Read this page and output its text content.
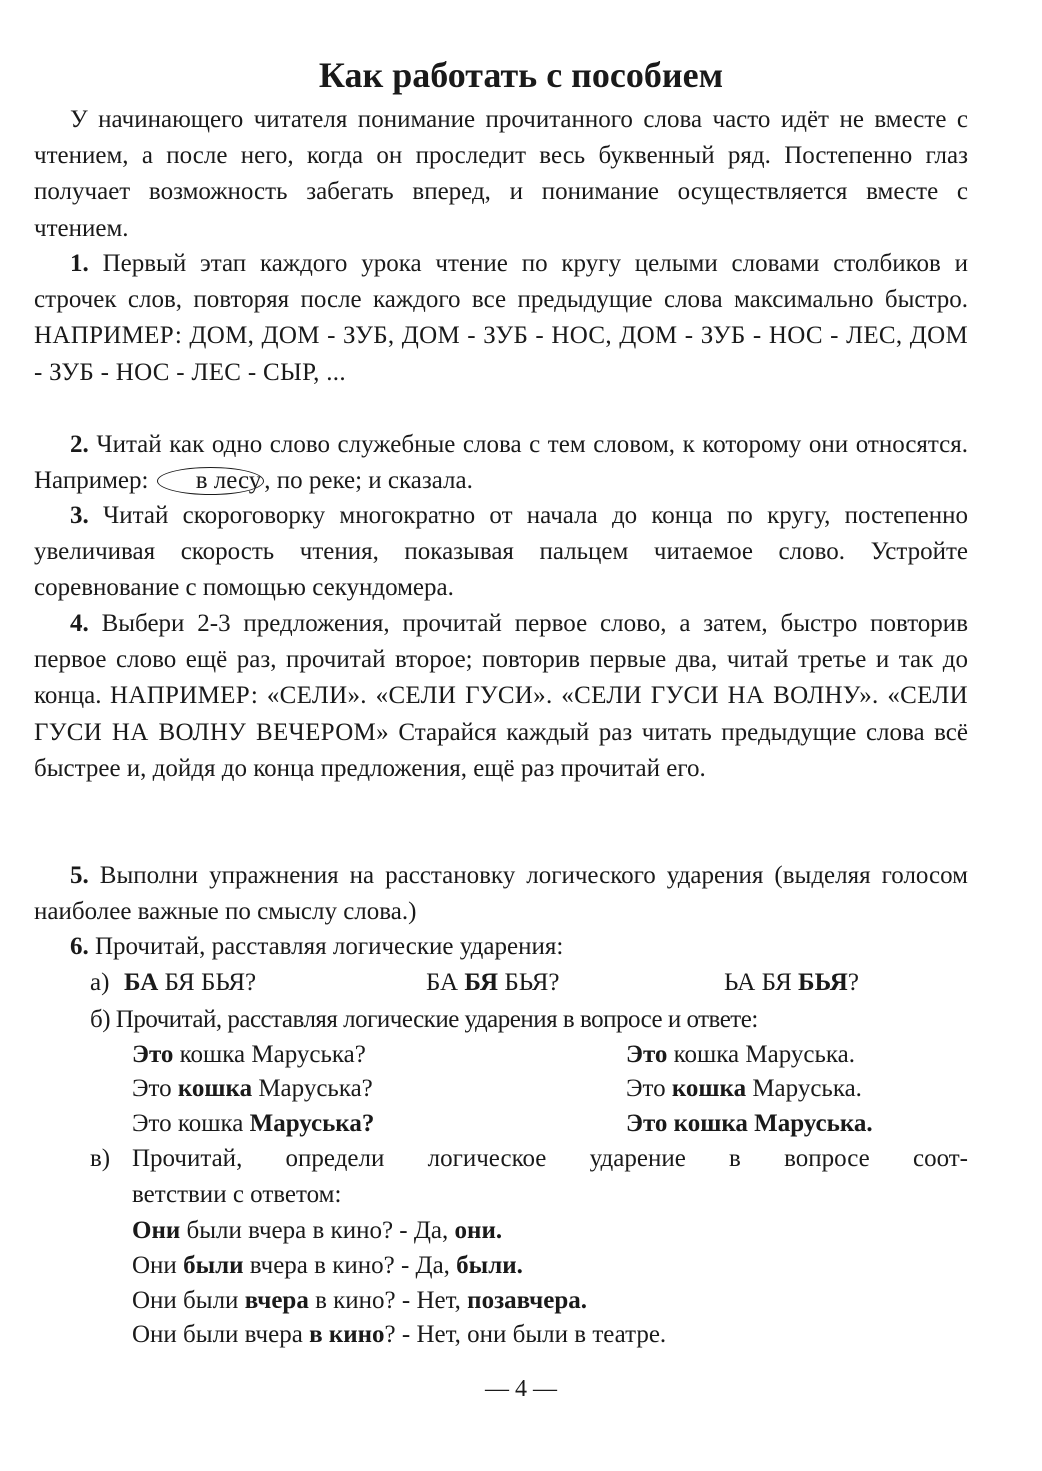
Как работать с пособием
У начинающего читателя понимание прочитанного слова часто идёт не вместе с чтением, а после него, когда он проследит весь буквенный ряд. Постепенно глаз получает возможность забегать вперед, и понимание осуществляется вместе с чтением.
1. Первый этап каждого урока чтение по кругу целыми словами столбиков и строчек слов, повторяя после каждого все предыдущие слова максимально быстро. НАПРИМЕР: ДОМ, ДОМ - ЗУБ, ДОМ - ЗУБ - НОС, ДОМ - ЗУБ - НОС - ЛЕС, ДОМ - ЗУБ - НОС - ЛЕС - СЫР, ...
2. Читай как одно слово служебные слова с тем словом, к которому они относятся. Например: в лесу , по реке; и сказала.
3. Читай скороговорку многократно от начала до конца по кругу, постепенно увеличивая скорость чтения, показывая пальцем читаемое слово. Устройте соревнование с помощью секундомера.
4. Выбери 2-3 предложения, прочитай первое слово, а затем, быстро повторив первое слово ещё раз, прочитай второе; повторив первые два, читай третье и так до конца. НАПРИМЕР: «СЕЛИ». «СЕЛИ ГУСИ». «СЕЛИ ГУСИ НА ВОЛНУ». «СЕЛИ ГУСИ НА ВОЛНУ ВЕЧЕРОМ» Старайся каждый раз читать предыдущие слова всё быстрее и, дойдя до конца предложения, ещё раз прочитай его.
5. Выполни упражнения на расстановку логического ударения (выделяя голосом наиболее важные по смыслу слова.)
6. Прочитай, расставляя логические ударения:
а) БА БЯ БЬЯ?	БА БЯ БЬЯ?	ЬА БЯ БЬЯ?
б) Прочитай, расставляя логические ударения в вопросе и ответе:
Это кошка Маруська?	Это кошка Маруська.
Это кошка Маруська?	Это кошка Маруська.
Это кошка Маруська?	Это кошка Маруська.
в) Прочитай, определи логическое ударение в вопросе соот-
ветствии с ответом:
Они были вчера в кино? - Да, они.
Они были вчера в кино? - Да, были.
Они были вчера в кино? - Нет, позавчера.
Они были вчера в кино? - Нет, они были в театре.
— 4 —
